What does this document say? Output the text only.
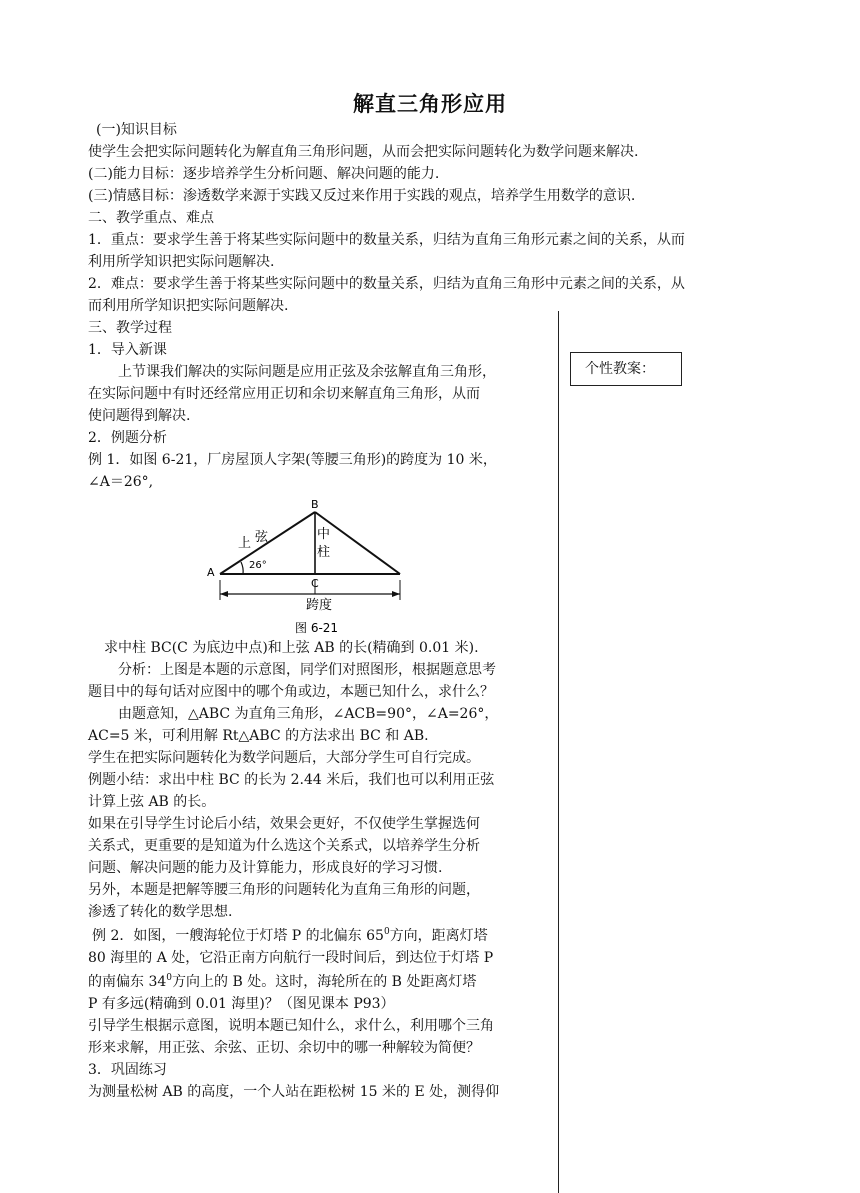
解直三角形应用
(一)知识目标
使学生会把实际问题转化为解直角三角形问题，从而会把实际问题转化为数学问题来解决.
(二)能力目标：逐步培养学生分析问题、解决问题的能力.
(三)情感目标：渗透数学来源于实践又反过来作用于实践的观点，培养学生用数学的意识.
二、教学重点、难点
1．重点：要求学生善于将某些实际问题中的数量关系，归结为直角三角形元素之间的关系，从而
利用所学知识把实际问题解决.
2．难点：要求学生善于将某些实际问题中的数量关系，归结为直角三角形中元素之间的关系，从
而利用所学知识把实际问题解决.
三、教学过程
1．导入新课
上节课我们解决的实际问题是应用正弦及余弦解直角三角形，
在实际问题中有时还经常应用正切和余切来解直角三角形，从而
使问题得到解决.
2．例题分析
例 1．如图 6-21，厂房屋顶人字架(等腰三角形)的跨度为 10 米，
∠A＝26°,
A
B
C
上 弦	中
柱
26°
跨度
图 6-21
求中柱 BC(C 为底边中点)和上弦 AB 的长(精确到 0.01 米).
分析：上图是本题的示意图，同学们对照图形，根据题意思考
题目中的每句话对应图中的哪个角或边，本题已知什么，求什么？
由题意知，△ABC 为直角三角形，∠ACB=90°，∠A=26°，
AC=5 米，可利用解 Rt△ABC 的方法求出 BC 和 AB.
学生在把实际问题转化为数学问题后，大部分学生可自行完成。
例题小结：求出中柱 BC 的长为 2.44 米后，我们也可以利用正弦
计算上弦 AB 的长。
如果在引导学生讨论后小结，效果会更好，不仅使学生掌握选何
关系式，更重要的是知道为什么选这个关系式，以培养学生分析
问题、解决问题的能力及计算能力，形成良好的学习习惯.
另外，本题是把解等腰三角形的问题转化为直角三角形的问题，
渗透了转化的数学思想.
例 2．如图，一艘海轮位于灯塔 P 的北偏东 $65^0$方向，距离灯塔
80 海里的 A 处，它沿正南方向航行一段时间后，到达位于灯塔 P
的南偏东 $34^0$方向上的 B 处。这时，海轮所在的 B 处距离灯塔
P 有多远(精确到 0.01 海里)？（图见课本 P93）
引导学生根据示意图，说明本题已知什么，求什么，利用哪个三角
形来求解，用正弦、余弦、正切、余切中的哪一种解较为简便？
3．巩固练习
为测量松树 AB 的高度，一个人站在距松树 15 米的 E 处，测得仰
个性教案：
